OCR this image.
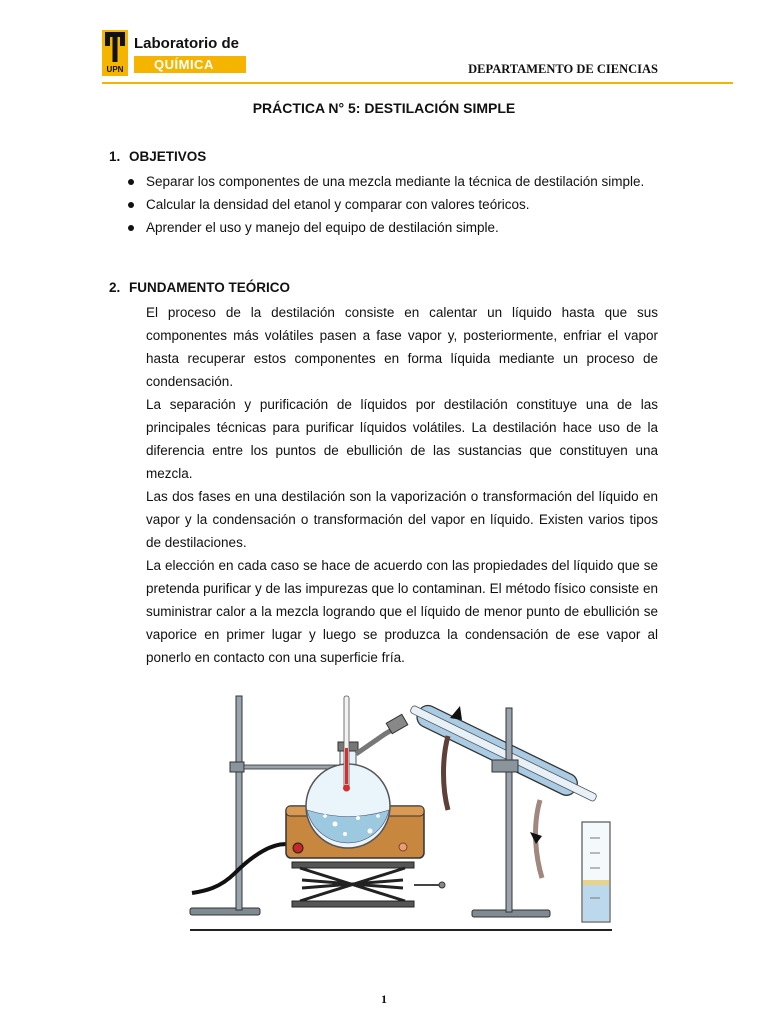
UPN
Laboratorio de
QUÍMICA	DEPARTAMENTO DE CIENCIAS
PRÁCTICA N° 5: DESTILACIÓN SIMPLE
1. OBJETIVOS
Separar los componentes de una mezcla mediante la técnica de destilación simple.
Calcular la densidad del etanol y comparar con valores teóricos.
Aprender el uso y manejo del equipo de destilación simple.
2. FUNDAMENTO TEÓRICO

El proceso de la destilación consiste en calentar un líquido hasta que sus componentes más volátiles pasen a fase vapor y, posteriormente, enfriar el vapor hasta recuperar estos componentes en forma líquida mediante un proceso de condensación.

La separación y purificación de líquidos por destilación constituye una de las principales técnicas para purificar líquidos volátiles. La destilación hace uso de la diferencia entre los puntos de ebullición de las sustancias que constituyen una mezcla.

Las dos fases en una destilación son la vaporización o transformación del líquido en vapor y la condensación o transformación del vapor en líquido. Existen varios tipos de destilaciones.

La elección en cada caso se hace de acuerdo con las propiedades del líquido que se pretenda purificar y de las impurezas que lo contaminan. El método físico consiste en suministrar calor a la mezcla logrando que el líquido de menor punto de ebullición se vaporice en primer lugar y luego se produzca la condensación de ese vapor al ponerlo en contacto con una superficie fría.

1
